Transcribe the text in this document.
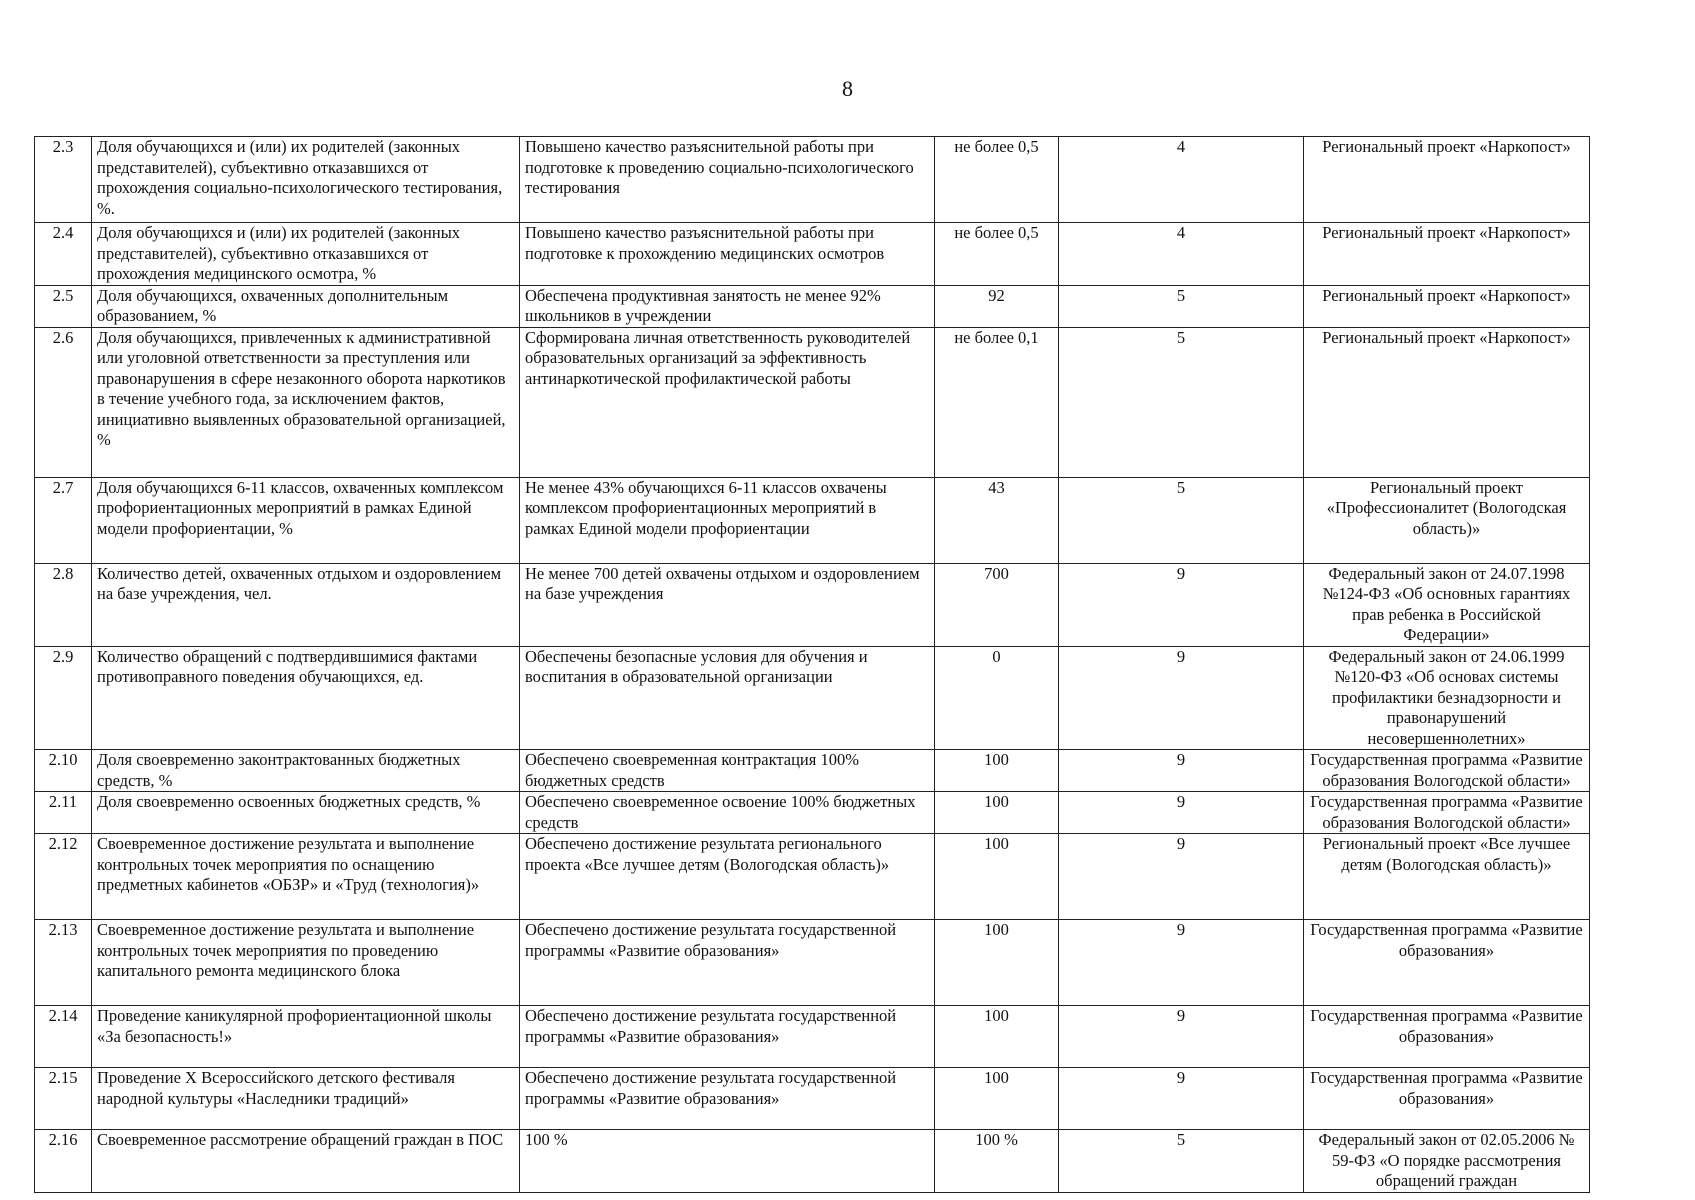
8
2.3	Доля обучающихся и (или) их родителей (законных представителей), субъективно отказавшихся от прохождения социально-психологического тестирования, %.	Повышено качество разъяснительной работы при подготовке к проведению социально-психологического тестирования	не более 0,5	4	Региональный проект «Наркопост»
2.4	Доля обучающихся и (или) их родителей (законных представителей), субъективно отказавшихся от прохождения медицинского осмотра, %	Повышено качество разъяснительной работы при подготовке к прохождению медицинских осмотров	не более 0,5	4	Региональный проект «Наркопост»
2.5	Доля обучающихся, охваченных дополнительным образованием, %	Обеспечена продуктивная занятость не менее 92% школьников в учреждении	92	5	Региональный проект «Наркопост»
2.6	Доля обучающихся, привлеченных к административной или уголовной ответственности за преступления или правонарушения в сфере незаконного оборота наркотиков в течение учебного года, за исключением фактов, инициативно выявленных образовательной организацией, %	Сформирована личная ответственность руководителей образовательных организаций за эффективность антинаркотической профилактической работы	не более 0,1	5	Региональный проект «Наркопост»
2.7	Доля обучающихся 6-11 классов, охваченных комплексом профориентационных мероприятий в рамках Единой модели профориентации, %	Не менее 43% обучающихся 6-11 классов охвачены комплексом профориентационных мероприятий в рамках Единой модели профориентации	43	5	Региональный проект «Профессионалитет (Вологодская область)»
2.8	Количество детей, охваченных отдыхом и оздоровлением на базе учреждения, чел.	Не менее 700 детей охвачены отдыхом и оздоровлением на базе учреждения	700	9	Федеральный закон от 24.07.1998 №124-ФЗ «Об основных гарантиях прав ребенка в Российской Федерации»
2.9	Количество обращений с подтвердившимися фактами противоправного поведения обучающихся, ед.	Обеспечены безопасные условия для обучения и воспитания в образовательной организации	0	9	Федеральный закон от 24.06.1999 №120-ФЗ «Об основах системы профилактики безнадзорности и правонарушений несовершеннолетних»
2.10	Доля своевременно законтрактованных бюджетных средств, %	Обеспечено своевременная контрактация 100% бюджетных средств	100	9	Государственная программа «Развитие образования Вологодской области»
2.11	Доля своевременно освоенных бюджетных средств, %	Обеспечено своевременное освоение 100% бюджетных средств	100	9	Государственная программа «Развитие образования Вологодской области»
2.12	Своевременное достижение результата и выполнение контрольных точек мероприятия по оснащению предметных кабинетов «ОБЗР» и «Труд (технология)»	Обеспечено достижение результата регионального проекта «Все лучшее детям (Вологодская область)»	100	9	Региональный проект «Все лучшее детям (Вологодская область)»
2.13	Своевременное достижение результата и выполнение контрольных точек мероприятия по проведению капитального ремонта медицинского блока	Обеспечено достижение результата государственной программы «Развитие образования»	100	9	Государственная программа «Развитие образования»
2.14	Проведение каникулярной профориентационной школы «За безопасность!»	Обеспечено достижение результата государственной программы «Развитие образования»	100	9	Государственная программа «Развитие образования»
2.15	Проведение X Всероссийского детского фестиваля народной культуры «Наследники традиций»	Обеспечено достижение результата государственной программы «Развитие образования»	100	9	Государственная программа «Развитие образования»
2.16	Своевременное рассмотрение обращений граждан в ПОС	100 %	100 %	5	Федеральный закон от 02.05.2006 № 59-ФЗ «О порядке рассмотрения обращений граждан
